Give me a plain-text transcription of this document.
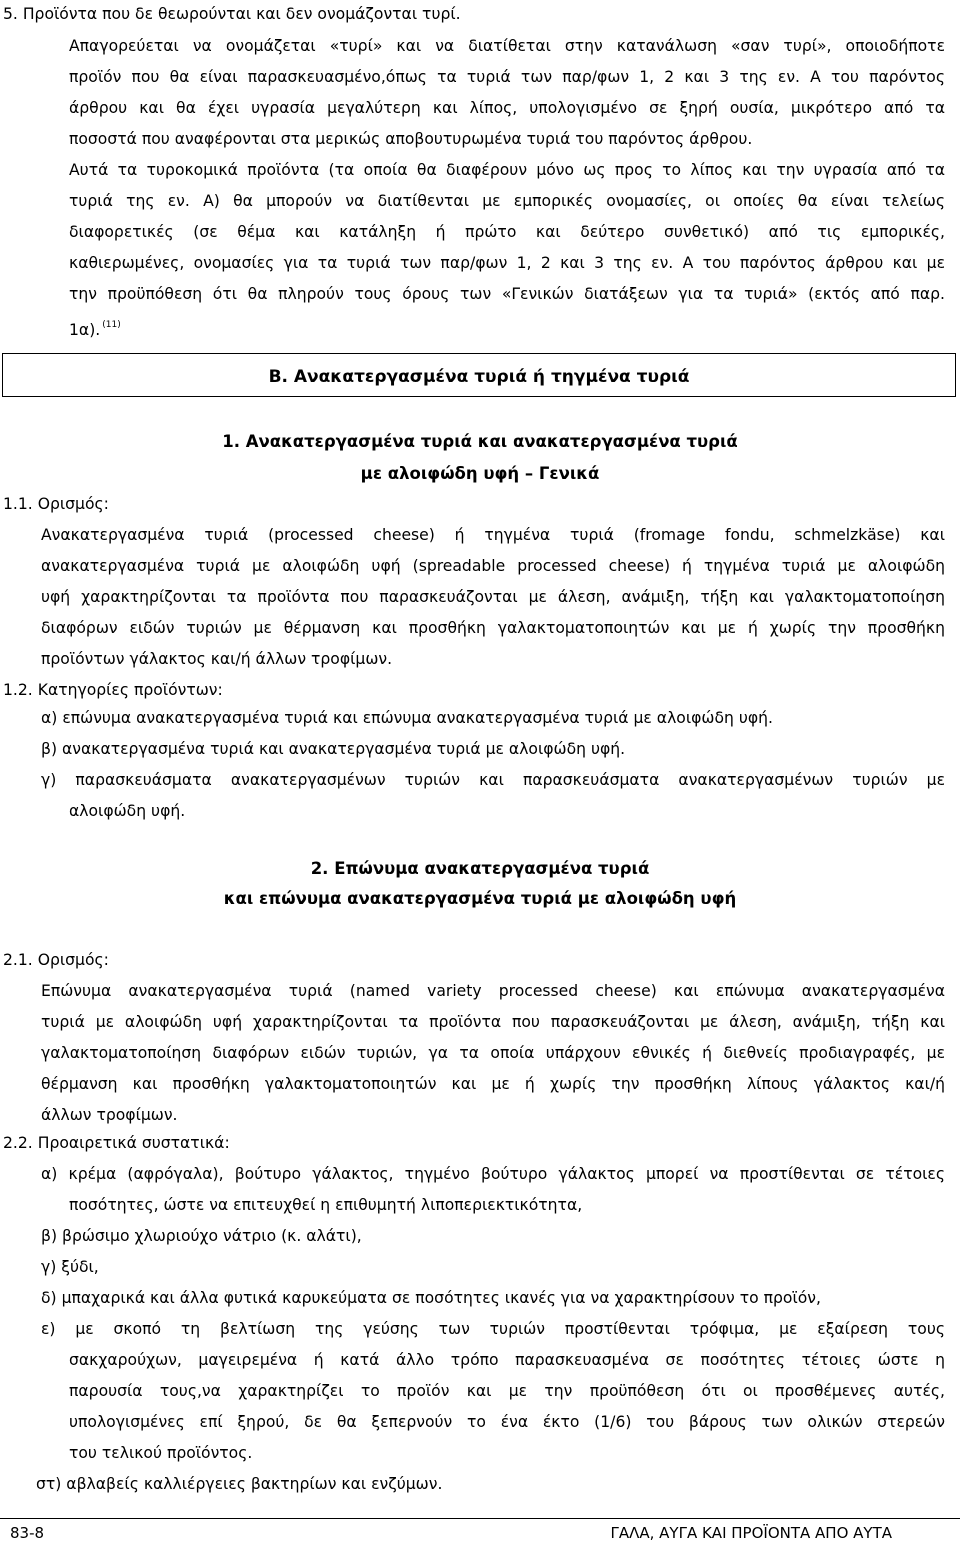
5. Προϊόντα που δε θεωρούνται και δεν ονομάζονται τυρί.
Απαγορεύεται να ονομάζεται «τυρί» και να διατίθεται στην κατανάλωση «σαν τυρί», οποιοδήποτε
προϊόν που θα είναι παρασκευασμένο,όπως τα τυριά των παρ/φων 1, 2 και 3 της εν. Α του παρόντος
άρθρου και θα έχει υγρασία μεγαλύτερη και λίπος, υπολογισμένο σε ξηρή ουσία, μικρότερο από τα
ποσοστά που αναφέρονται στα μερικώς αποβουτυρωμένα τυριά του παρόντος άρθρου.
Αυτά τα τυροκομικά προϊόντα (τα οποία θα διαφέρουν μόνο ως προς το λίπος και την υγρασία από τα
τυριά της εν. Α) θα μπορούν να διατίθενται με εμπορικές ονομασίες, οι οποίες θα είναι τελείως
διαφορετικές (σε θέμα και κατάληξη ή πρώτο και δεύτερο συνθετικό) από τις εμπορικές,
καθιερωμένες, ονομασίες για τα τυριά των παρ/φων 1, 2 και 3 της εν. Α του παρόντος άρθρου και με
την προϋπόθεση ότι θα πληρούν τους όρους των «Γενικών διατάξεων για τα τυριά» (εκτός από παρ.
1α). $^{(11)}$
Β. Ανακατεργασμένα τυριά ή τηγμένα τυριά
1. Ανακατεργασμένα τυριά και ανακατεργασμένα τυριά
με αλοιφώδη υφή – Γενικά
1.1. Ορισμός:
Ανακατεργασμένα τυριά (processed cheese) ή τηγμένα τυριά (fromage fondu, schmelzkäse) και
ανακατεργασμένα τυριά με αλοιφώδη υφή (spreadable processed cheese) ή τηγμένα τυριά με αλοιφώδη
υφή χαρακτηρίζονται τα προϊόντα που παρασκευάζονται με άλεση, ανάμιξη, τήξη και γαλακτοματοποίηση
διαφόρων ειδών τυριών με θέρμανση και προσθήκη γαλακτοματοποιητών και με ή χωρίς την προσθήκη
προϊόντων γάλακτος και/ή άλλων τροφίμων.
1.2. Κατηγορίες προϊόντων:
α) επώνυμα ανακατεργασμένα τυριά και επώνυμα ανακατεργασμένα τυριά με αλοιφώδη υφή.
β) ανακατεργασμένα τυριά και ανακατεργασμένα τυριά με αλοιφώδη υφή.
γ) παρασκευάσματα ανακατεργασμένων τυριών και παρασκευάσματα ανακατεργασμένων τυριών με
αλοιφώδη υφή.
2. Επώνυμα ανακατεργασμένα τυριά
και επώνυμα ανακατεργασμένα τυριά με αλοιφώδη υφή
2.1. Ορισμός:
Επώνυμα ανακατεργασμένα τυριά (named variety processed cheese) και επώνυμα ανακατεργασμένα
τυριά με αλοιφώδη υφή χαρακτηρίζονται τα προϊόντα που παρασκευάζονται με άλεση, ανάμιξη, τήξη και
γαλακτοματοποίηση διαφόρων ειδών τυριών, γα τα οποία υπάρχουν εθνικές ή διεθνείς προδιαγραφές, με
θέρμανση και προσθήκη γαλακτοματοποιητών και με ή χωρίς την προσθήκη λίπους γάλακτος και/ή
άλλων τροφίμων.
2.2. Προαιρετικά συστατικά:
α) κρέμα (αφρόγαλα), βούτυρο γάλακτος, τηγμένο βούτυρο γάλακτος μπορεί να προστίθενται σε τέτοιες
ποσότητες, ώστε να επιτευχθεί η επιθυμητή λιποπεριεκτικότητα,
β) βρώσιμο χλωριούχο νάτριο (κ. αλάτι),
γ) ξύδι,
δ) μπαχαρικά και άλλα φυτικά καρυκεύματα σε ποσότητες ικανές για να χαρακτηρίσουν το προϊόν,
ε) με σκοπό τη βελτίωση της γεύσης των τυριών προστίθενται τρόφιμα, με εξαίρεση τους
σακχαρούχων, μαγειρεμένα ή κατά άλλο τρόπο παρασκευασμένα σε ποσότητες τέτοιες ώστε η
παρουσία τους,να χαρακτηρίζει το προϊόν και με την προϋπόθεση ότι οι προσθέμενες αυτές,
υπολογισμένες επί ξηρού, δε θα ξεπερνούν το ένα έκτο (1/6) του βάρους των ολικών στερεών
του τελικού προϊόντος.
στ) αβλαβείς καλλιέργειες βακτηρίων και ενζύμων.
83-8	ΓΑΛΑ, ΑΥΓΑ ΚΑΙ ΠΡΟΪΟΝΤΑ ΑΠΟ ΑΥΤΑ
